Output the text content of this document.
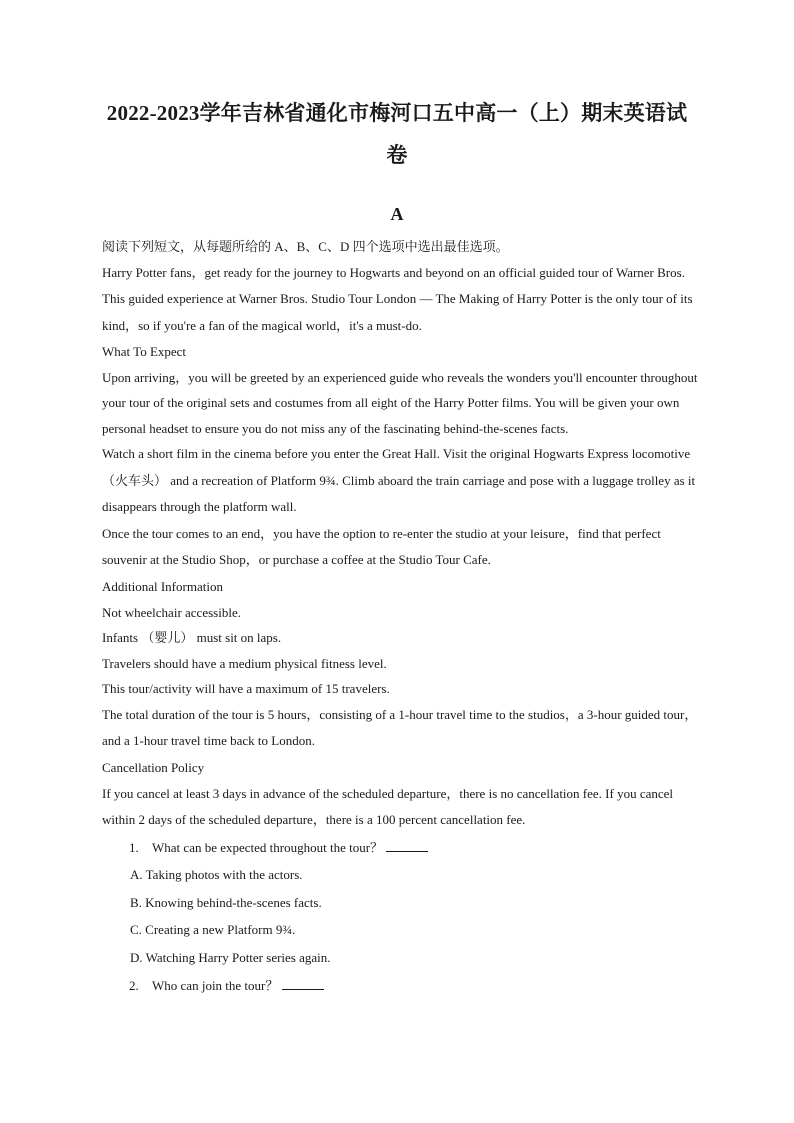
2022-2023学年吉林省通化市梅河口五中高一（上）期末英语试
卷
A

阅读下列短文，从每题所给的 A、B、C、D 四个选项中选出最佳选项。

Harry Potter fans，get ready for the journey to Hogwarts and beyond on an official guided tour of Warner Bros. This guided experience at Warner Bros. Studio Tour London — The Making of Harry Potter is the only tour of its kind，so if you're a fan of the magical world，it's a must-do.

What To Expect

Upon arriving，you will be greeted by an experienced guide who reveals the wonders you'll encounter throughout your tour of the original sets and costumes from all eight of the Harry Potter films. You will be given your own personal headset to ensure you do not miss any of the fascinating behind-the-scenes facts.

Watch a short film in the cinema before you enter the Great Hall. Visit the original Hogwarts Express locomotive （火车头） and a recreation of Platform 9¾. Climb aboard the train carriage and pose with a luggage trolley as it disappears through the platform wall.

Once the tour comes to an end，you have the option to re-enter the studio at your leisure，find that perfect souvenir at the Studio Shop，or purchase a coffee at the Studio Tour Cafe.

Additional Information

Not wheelchair accessible.

Infants （婴儿） must sit on laps.

Travelers should have a medium physical fitness level.

This tour/activity will have a maximum of 15 travelers.

The total duration of the tour is 5 hours，consisting of a 1-hour travel time to the studios，a 3-hour guided tour，and a 1-hour travel time back to London.

Cancellation Policy

If you cancel at least 3 days in advance of the scheduled departure，there is no cancellation fee. If you cancel within 2 days of the scheduled departure，there is a 100 percent cancellation fee.

1. What can be expected throughout the tour？

A. Taking photos with the actors.

B. Knowing behind-the-scenes facts.

C. Creating a new Platform 9¾.

D. Watching Harry Potter series again.

2. Who can join the tour？
